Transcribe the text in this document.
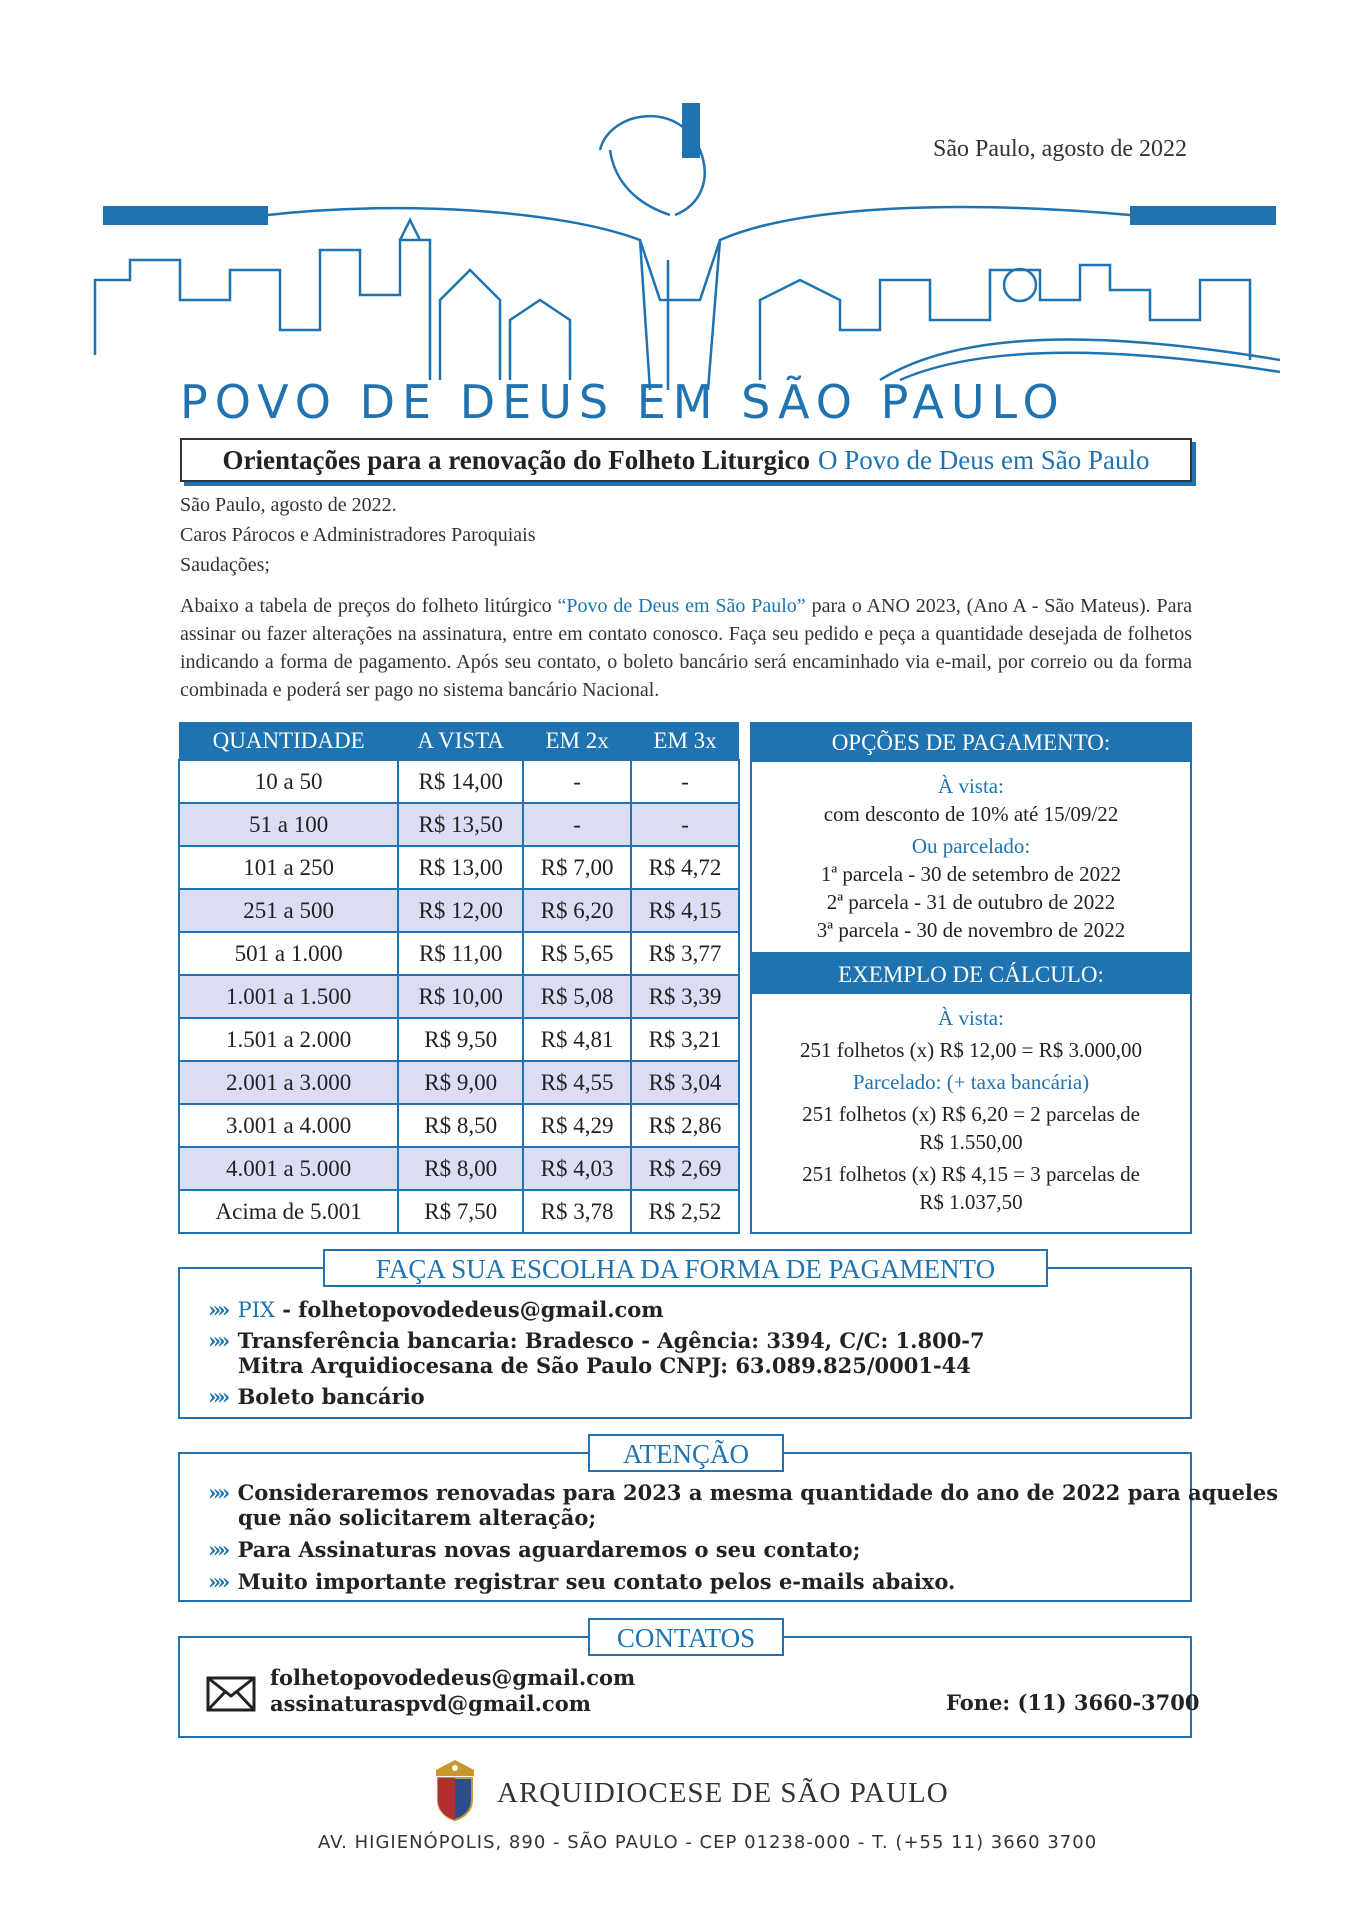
POVO DE DEUS EM SÃO PAULO
São Paulo, agosto de 2022
Orientações para a renovação do Folheto Liturgico O Povo de Deus em São Paulo
São Paulo, agosto de 2022.
Caros Párocos e Administradores Paroquiais
Saudações;
Abaixo a tabela de preços do folheto litúrgico “Povo de Deus em São Paulo” para o ANO 2023, (Ano A - São Mateus). Para assinar ou fazer alterações na assinatura, entre em contato conosco. Faça seu pedido e peça a quantidade desejada de folhetos indicando a forma de pagamento. Após seu contato, o boleto bancário será encaminhado via e-mail, por correio ou da forma combinada e poderá ser pago no sistema bancário Nacional.
QUANTIDADE	A VISTA	EM 2x	EM 3x
10 a 50	R$ 14,00	-	-
51 a 100	R$ 13,50	-	-
101 a 250	R$ 13,00	R$ 7,00	R$ 4,72
251 a 500	R$ 12,00	R$ 6,20	R$ 4,15
501 a 1.000	R$ 11,00	R$ 5,65	R$ 3,77
1.001 a 1.500	R$ 10,00	R$ 5,08	R$ 3,39
1.501 a 2.000	R$ 9,50	R$ 4,81	R$ 3,21
2.001 a 3.000	R$ 9,00	R$ 4,55	R$ 3,04
3.001 a 4.000	R$ 8,50	R$ 4,29	R$ 2,86
4.001 a 5.000	R$ 8,00	R$ 4,03	R$ 2,69
Acima de 5.001	R$ 7,50	R$ 3,78	R$ 2,52
OPÇÕES DE PAGAMENTO:

À vista:

com desconto de 10% até 15/09/22

Ou parcelado:

1ª parcela - 30 de setembro de 2022

2ª parcela - 31 de outubro de 2022

3ª parcela - 30 de novembro de 2022

EXEMPLO DE CÁLCULO:

À vista:

251 folhetos (x) R$ 12,00 = R$ 3.000,00

Parcelado: (+ taxa bancária)

251 folhetos (x) R$ 6,20 = 2 parcelas de

R$ 1.550,00

251 folhetos (x) R$ 4,15 = 3 parcelas de

R$ 1.037,50

FAÇA SUA ESCOLHA DA FORMA DE PAGAMENTO
»» PIX - folhetopovodedeus@gmail.com
»» Transferência bancaria: Bradesco - Agência: 3394, C/C: 1.800-7
Mitra Arquidiocesana de São Paulo CNPJ: 63.089.825/0001-44
»» Boleto bancário
ATENÇÃO
»» Consideraremos renovadas para 2023 a mesma quantidade do ano de 2022 para aqueles
que não solicitarem alteração;
»» Para Assinaturas novas aguardaremos o seu contato;
»» Muito importante registrar seu contato pelos e-mails abaixo.
CONTATOS
folhetopovodedeus@gmail.com
assinaturaspvd@gmail.com	Fone: (11) 3660-3700
ARQUIDIOCESE DE SÃO PAULO
AV. HIGIENÓPOLIS, 890 - SÃO PAULO - CEP 01238-000 - T. (+55 11) 3660 3700
